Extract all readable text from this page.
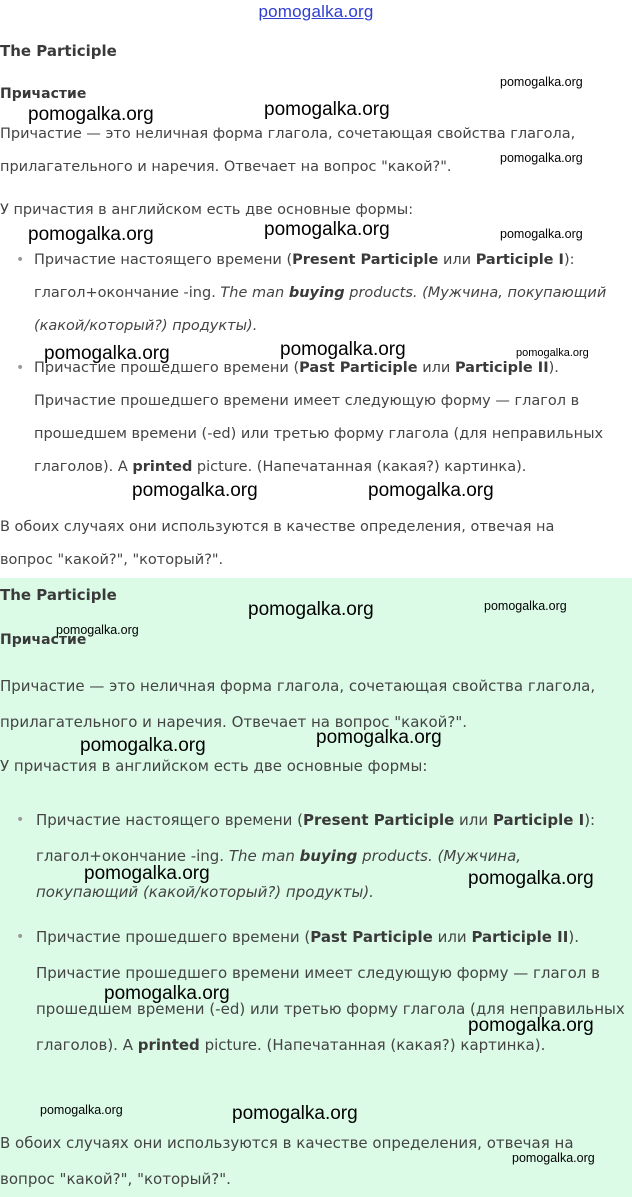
The Participle
Причастие

Причастие — это неличная форма глагола, сочетающая свойства глагола, прилагательного и наречия. Отвечает на вопрос "какой?".

У причастия в английском есть две основные формы:

• Причастие настоящего времени (Present Participle или Participle I): глагол+окончание -ing. The man buying products. (Мужчина, покупающий (какой/который?) продукты).

• Причастие прошедшего времени (Past Participle или Participle II). Причастие прошедшего времени имеет следующую форму — глагол в прошедшем времени (-ed) или третью форму глагола (для неправильных глаголов). A printed picture. (Напечатанная (какая?) картинка).

В обоих случаях они используются в качестве определения, отвечая на вопрос "какой?", "который?".

The Participle
Причастие

Причастие — это неличная форма глагола, сочетающая свойства глагола, прилагательного и наречия. Отвечает на вопрос "какой?".

У причастия в английском есть две основные формы:

• Причастие настоящего времени (Present Participle или Participle I): глагол+окончание -ing. The man buying products. (Мужчина, покупающий (какой/который?) продукты).

• Причастие прошедшего времени (Past Participle или Participle II). Причастие прошедшего времени имеет следующую форму — глагол в прошедшем времени (-ed) или третью форму глагола (для неправильных глаголов). A printed picture. (Напечатанная (какая?) картинка).

В обоих случаях они используются в качестве определения, отвечая на вопрос "какой?", "который?".

pomogalka.org
pomogalka.org
pomogalka.org	pomogalka.org
pomogalka.org
pomogalka.org	pomogalka.org	pomogalka.org
pomogalka.org	pomogalka.org	pomogalka.org
pomogalka.org	pomogalka.org
pomogalka.org
pomogalka.org
pomogalka.org
pomogalka.org
pomogalka.org
pomogalka.org	pomogalka.org
pomogalka.org
pomogalka.org
pomogalka.org	pomogalka.org
pomogalka.org
